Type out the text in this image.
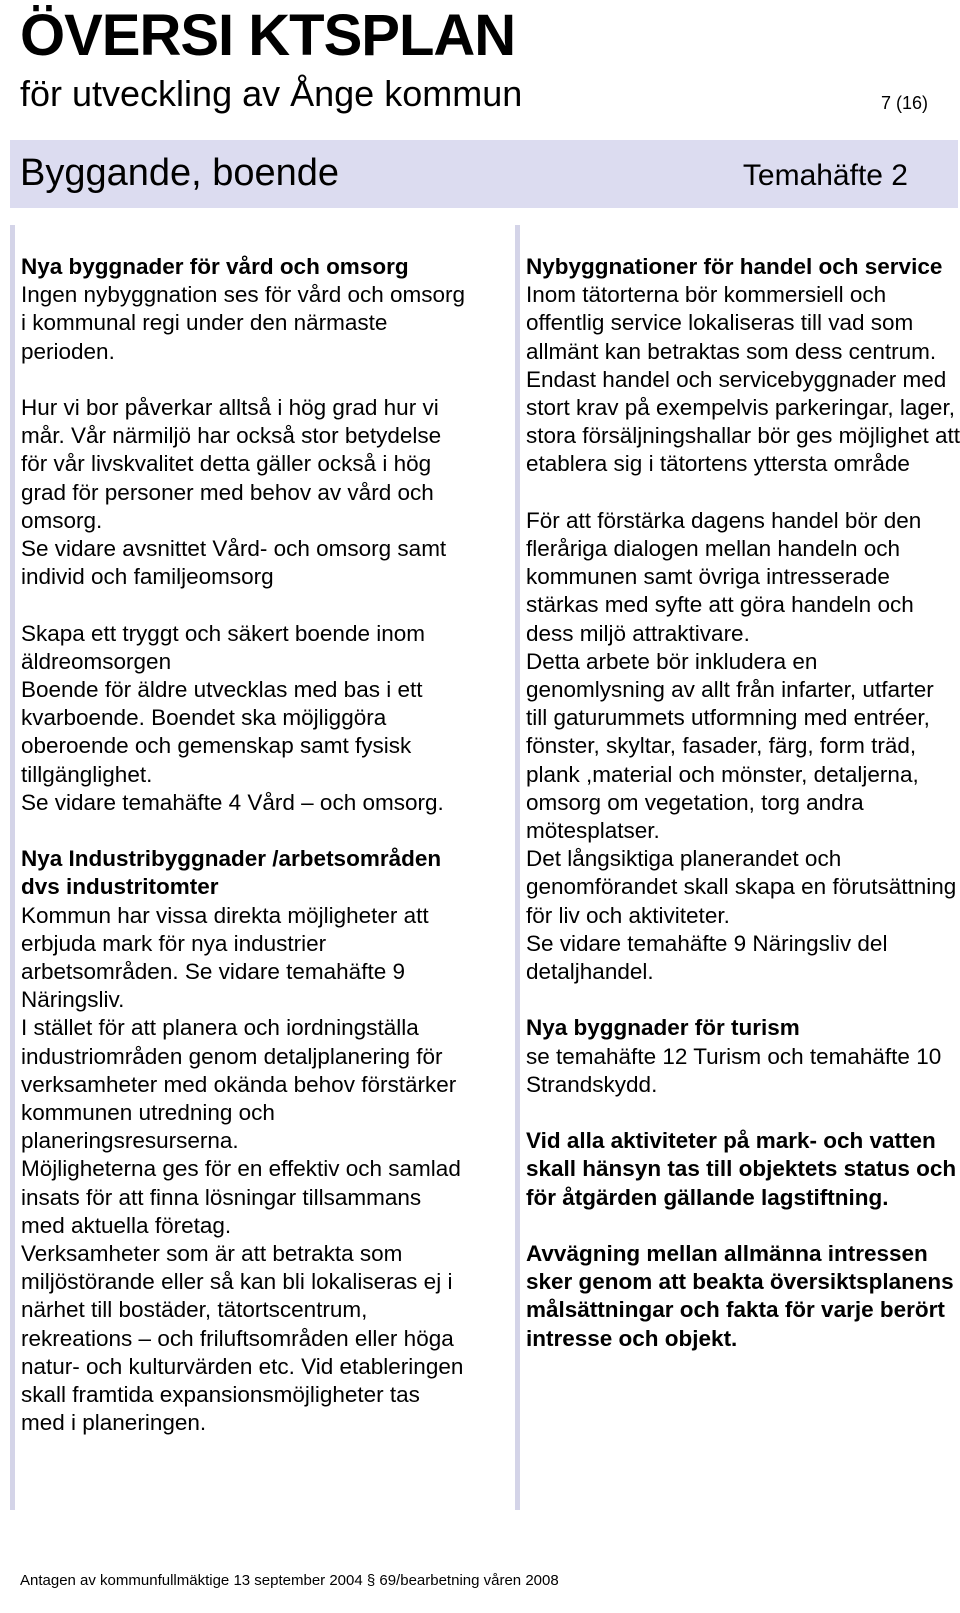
ÖVERSI KTSPLAN
för utveckling av Ånge kommun	7 (16)
Byggande, boende	Temahäfte 2

Nya byggnader för vård och omsorg

Ingen nybyggnation ses för vård och omsorg i kommunal regi under den närmaste perioden.

Hur vi bor påverkar alltså i hög grad hur vi mår. Vår närmiljö har också stor betydelse för vår livskvalitet detta gäller också i hög grad för personer med behov av vård och omsorg.
Se vidare avsnittet Vård- och omsorg samt individ och familjeomsorg

Skapa ett tryggt och säkert boende inom äldreomsorgen
Boende för äldre utvecklas med bas i ett kvarboende. Boendet ska möjliggöra oberoende och gemenskap samt fysisk tillgänglighet.
Se vidare temahäfte 4 Vård – och omsorg.

Nya Industribyggnader /arbetsområden dvs industritomter

Kommun har vissa direkta möjligheter att erbjuda mark för nya industrier arbetsområden. Se vidare temahäfte 9 Näringsliv.
I stället för att planera och iordningställa industriområden genom detaljplanering för verksamheter med okända behov förstärker kommunen utredning och planeringsresurserna.
Möjligheterna ges för en effektiv och samlad insats för att finna lösningar tillsammans med aktuella företag.
Verksamheter som är att betrakta som miljöstörande eller så kan bli lokaliseras ej i närhet till bostäder, tätortscentrum, rekreations – och friluftsområden eller höga natur- och kulturvärden etc. Vid etableringen skall framtida expansionsmöjligheter tas med i planeringen.

Nybyggnationer för handel och service

Inom tätorterna bör kommersiell och offentlig service lokaliseras till vad som allmänt kan betraktas som dess centrum.
Endast handel och servicebyggnader med stort krav på exempelvis parkeringar, lager, stora försäljningshallar bör ges möjlighet att etablera sig i tätortens yttersta område

För att förstärka dagens handel bör den fleråriga dialogen mellan handeln och kommunen samt övriga intresserade stärkas med syfte att göra handeln och dess miljö attraktivare.
Detta arbete bör inkludera en genomlysning av allt från infarter, utfarter till gaturummets utformning med entréer, fönster, skyltar, fasader, färg, form träd, plank ,material och mönster, detaljerna, omsorg om vegetation, torg andra mötesplatser.
Det långsiktiga planerandet och genomförandet skall skapa en förutsättning för liv och aktiviteter.
Se vidare temahäfte 9 Näringsliv del detaljhandel.

Nya byggnader för turism

se temahäfte 12 Turism och temahäfte 10 Strandskydd.

Vid alla aktiviteter på mark- och vatten skall hänsyn tas till objektets status och för åtgärden gällande lagstiftning.

Avvägning mellan allmänna intressen sker genom att beakta översiktsplanens målsättningar och fakta för varje berört intresse och objekt.

Antagen av kommunfullmäktige 13 september 2004 § 69/bearbetning våren 2008
